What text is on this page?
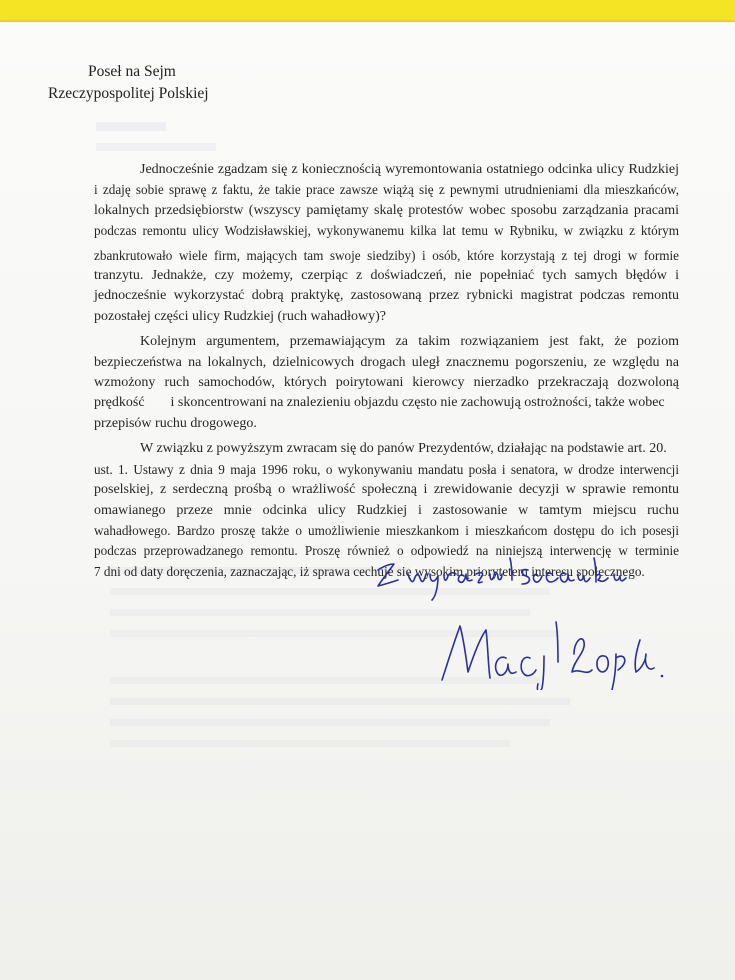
Poseł na Sejm
Rzeczypospolitej Polskiej

Jednocześnie zgadzam się z koniecznością wyremontowania ostatniego odcinka ulicy Rudzkiej
i zdaję sobie sprawę z faktu, że takie prace zawsze wiążą się z pewnymi utrudnieniami dla mieszkańców,
lokalnych przedsiębiorstw (wszyscy pamiętamy skalę protestów wobec sposobu zarządzania pracami
podczas remontu ulicy Wodzisławskiej, wykonywanemu kilka lat temu w Rybniku, w związku z którym
zbankrutowało wiele firm, mających tam swoje siedziby) i osób, które korzystają z tej drogi w formie
tranzytu. Jednakże, czy możemy, czerpiąc z doświadczeń, nie popełniać tych samych błędów i
jednocześnie wykorzystać dobrą praktykę, zastosowaną przez rybnicki magistrat podczas remontu
pozostałej części ulicy Rudzkiej (ruch wahadłowy)?

Kolejnym argumentem, przemawiającym za takim rozwiązaniem jest fakt, że poziom
bezpieczeństwa na lokalnych, dzielnicowych drogach uległ znacznemu pogorszeniu, ze względu na
wzmożony ruch samochodów, których poirytowani kierowcy nierzadko przekraczają dozwoloną
prędkość i skoncentrowani na znalezieniu objazdu często nie zachowują ostrożności, także wobec
przepisów ruchu drogowego.

W związku z powyższym zwracam się do panów Prezydentów, działając na podstawie art. 20.
ust. 1. Ustawy z dnia 9 maja 1996 roku, o wykonywaniu mandatu posła i senatora, w drodze interwencji
poselskiej, z serdeczną prośbą o wrażliwość społeczną i zrewidowanie decyzji w sprawie remontu
omawianego przeze mnie odcinka ulicy Rudzkiej i zastosowanie w tamtym miejscu ruchu
wahadłowego. Bardzo proszę także o umożliwienie mieszkankom i mieszkańcom dostępu do ich posesji
podczas przeprowadzanego remontu. Proszę również o odpowiedź na niniejszą interwencję w terminie
7 dni od daty doręczenia, zaznaczając, iż sprawa cechuje się wysokim priorytetem interesu społecznego.
